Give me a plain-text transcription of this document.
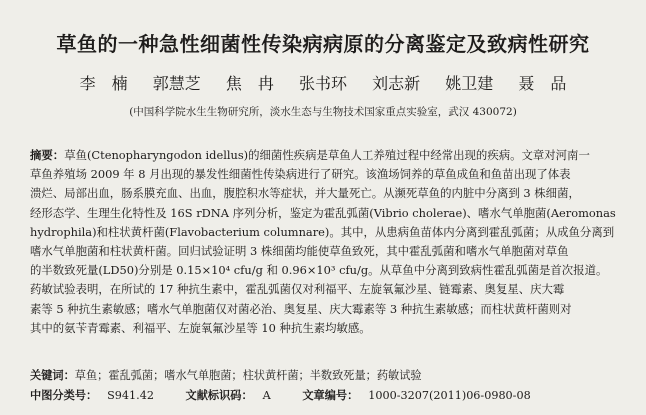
草鱼的一种急性细菌性传染病病原的分离鉴定及致病性研究
李　楠 郭慧芝 焦　冉 张书环 刘志新 姚卫建 聂　品
(中国科学院水生生物研究所，淡水生态与生物技术国家重点实验室，武汉 430072)
摘要：草鱼(Ctenopharyngodon idellus)的细菌性疾病是草鱼人工养殖过程中经常出现的疾病。文章对河南一
草鱼养殖场 2009 年 8 月出现的暴发性细菌性传染病进行了研究。该渔场饲养的草鱼成鱼和鱼苗出现了体表
溃烂、局部出血，肠系膜充血、出血，腹腔积水等症状，并大量死亡。从濒死草鱼的内脏中分离到 3 株细菌，
经形态学、生理生化特性及 16S rDNA 序列分析，鉴定为霍乱弧菌(Vibrio cholerae)、嗜水气单胞菌(Aeromonas
hydrophila)和柱状黄杆菌(Flavobacterium columnare)。其中，从患病鱼苗体内分离到霍乱弧菌；从成鱼分离到
嗜水气单胞菌和柱状黄杆菌。回归试验证明 3 株细菌均能使草鱼致死，其中霍乱弧菌和嗜水气单胞菌对草鱼
的半数致死量(LD50)分别是 0.15×10⁴ cfu/g 和 0.96×10³ cfu/g。从草鱼中分离到致病性霍乱弧菌是首次报道。
药敏试验表明，在所试的 17 种抗生素中，霍乱弧菌仅对利福平、左旋氧氟沙星、链霉素、奥复星、庆大霉
素等 5 种抗生素敏感；嗜水气单胞菌仅对菌必治、奥复星、庆大霉素等 3 种抗生素敏感；而柱状黄杆菌则对
其中的氨苄青霉素、利福平、左旋氧氟沙星等 10 种抗生素均敏感。
关键词：草鱼；霍乱弧菌；嗜水气单胞菌；柱状黄杆菌；半数致死量；药敏试验
中图分类号： S941.42	文献标识码： A	文章编号： 1000-3207(2011)06-0980-08
